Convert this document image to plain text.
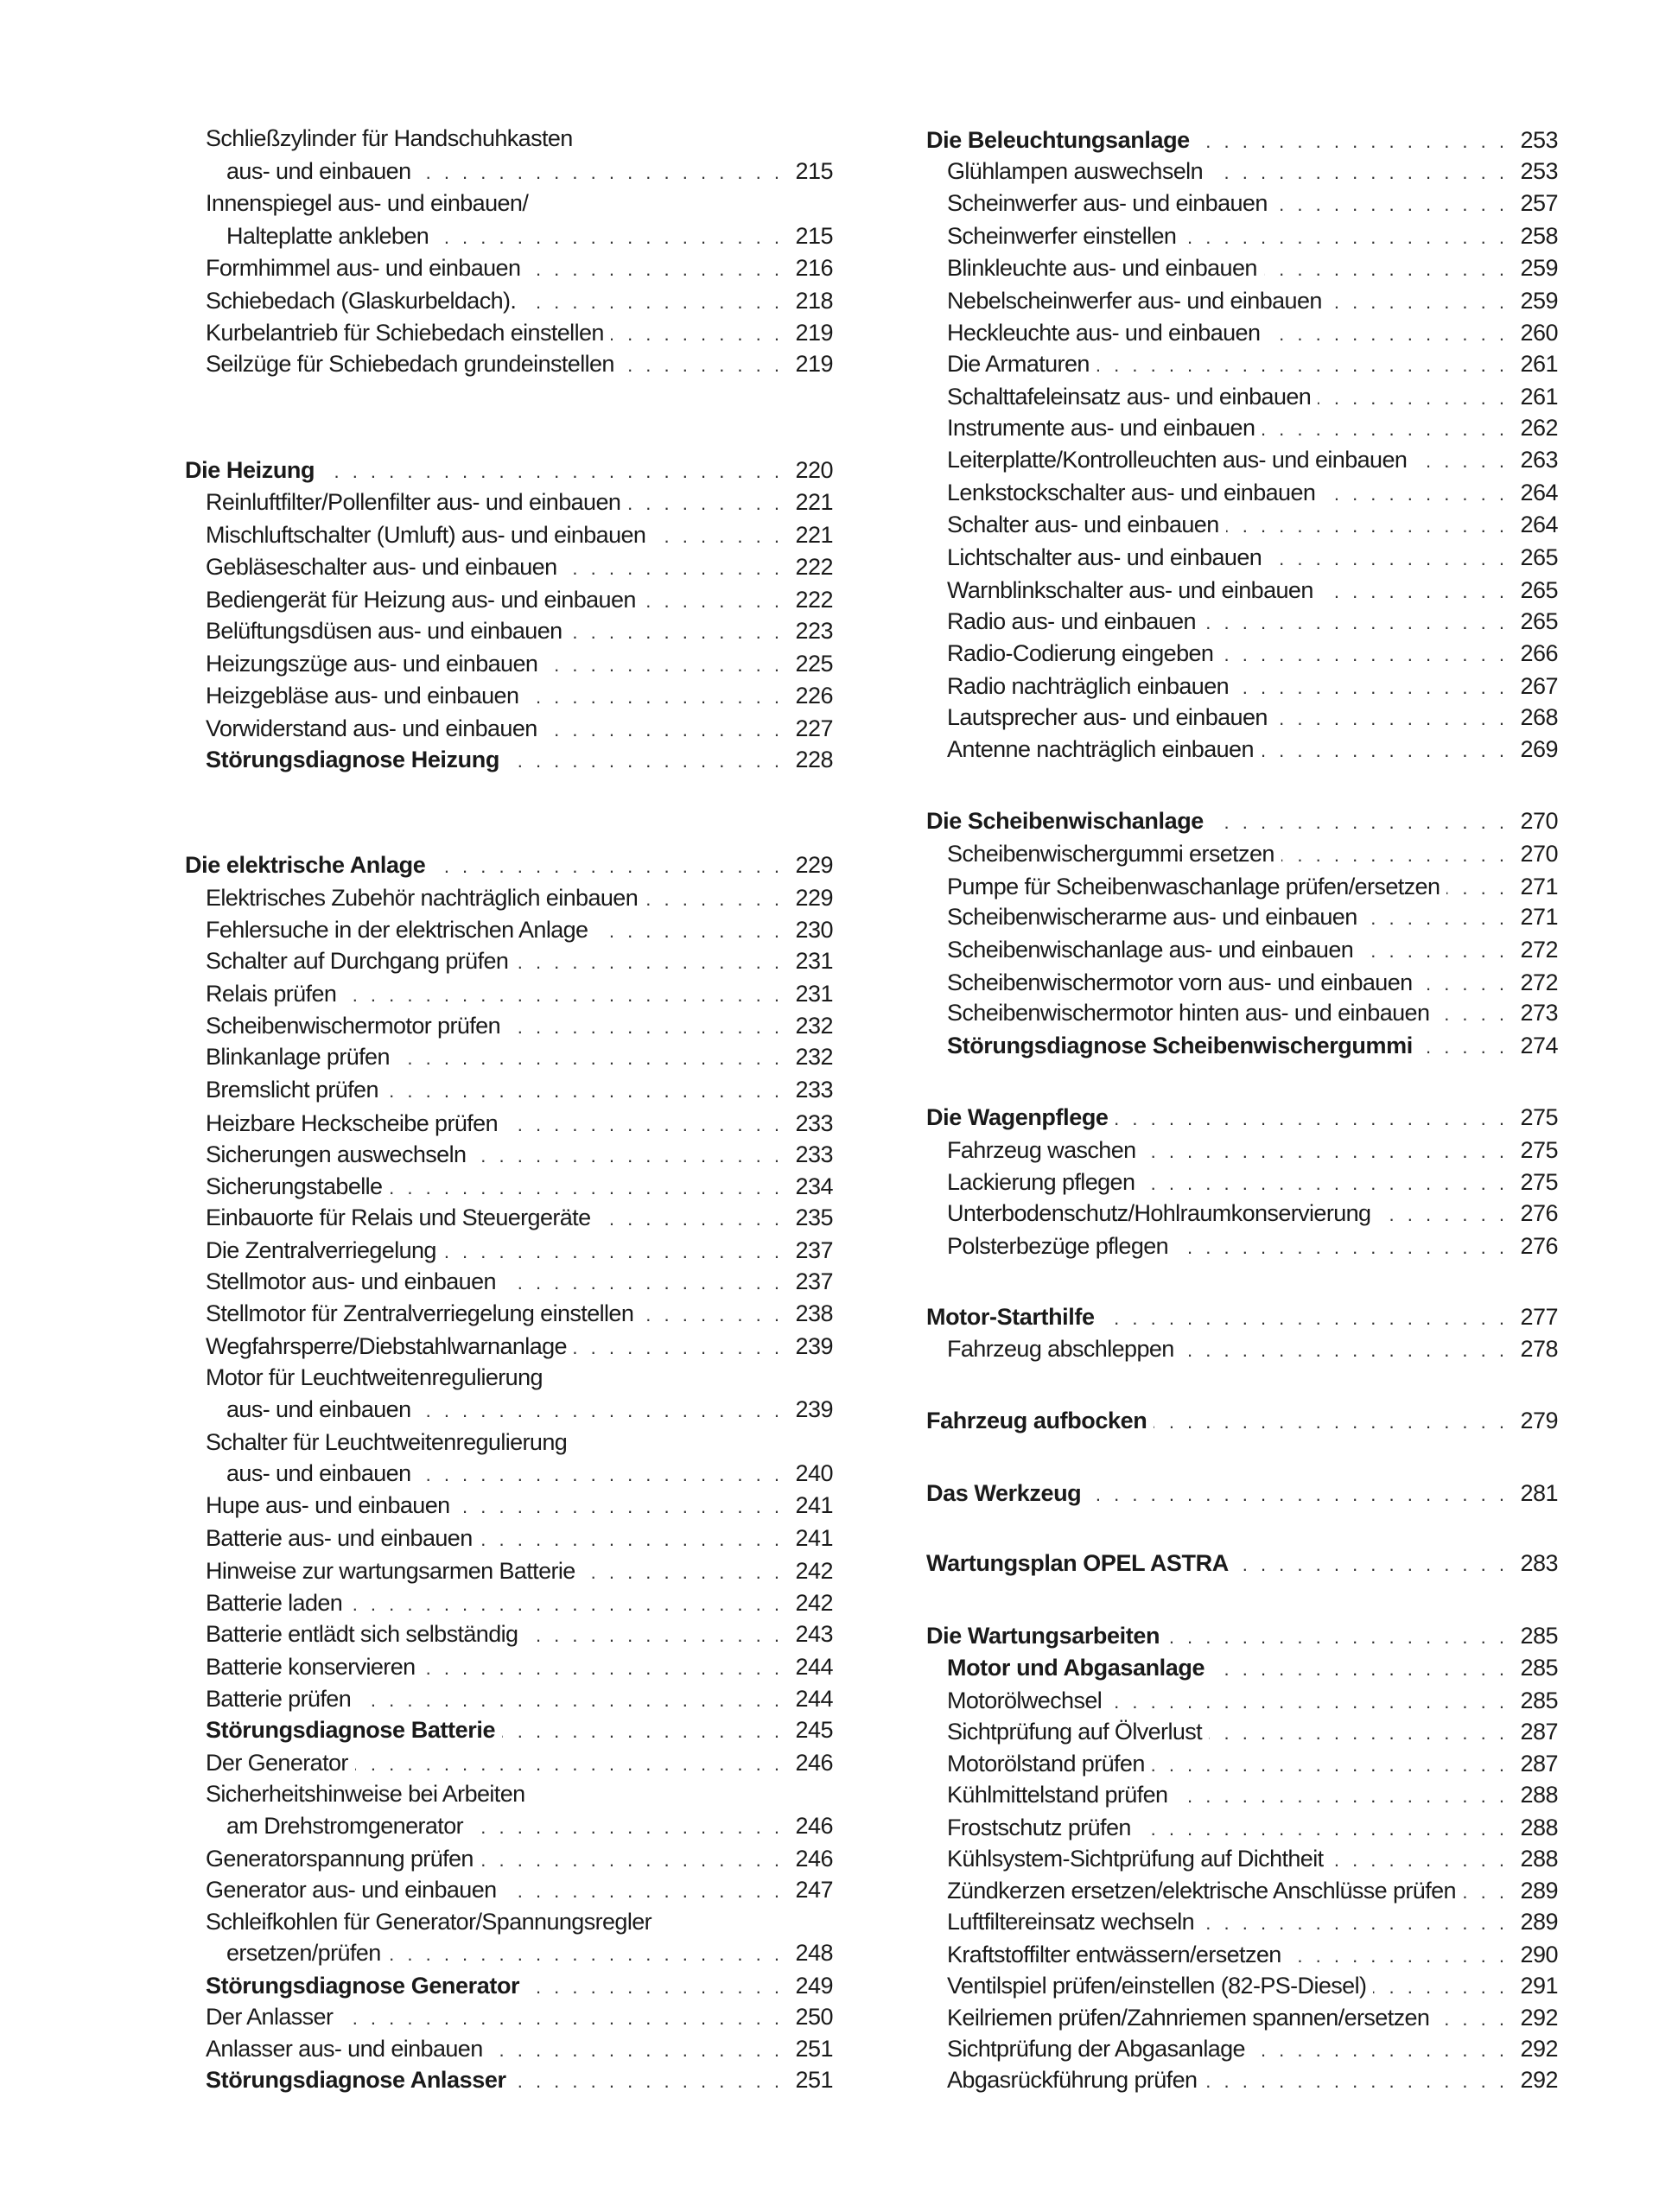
Schließzylinder für Handschuhkasten
aus- und einbauen . . .	215
Innenspiegel aus- und einbauen/
Halteplatte ankleben . . .	215
Formhimmel aus- und einbauen . . .	216
Schiebedach (Glaskurbeldach). . . .	218
Kurbelantrieb für Schiebedach einstellen . . .	219
Seilzüge für Schiebedach grundeinstellen . . .	219
Die Heizung . . .	220
Reinluftfilter/Pollenfilter aus- und einbauen . . .	221
Mischluftschalter (Umluft) aus- und einbauen . . .	221
Gebläseschalter aus- und einbauen . . .	222
Bediengerät für Heizung aus- und einbauen . . .	222
Belüftungsdüsen aus- und einbauen . . .	223
Heizungszüge aus- und einbauen . . .	225
Heizgebläse aus- und einbauen . . .	226
Vorwiderstand aus- und einbauen . . .	227
Störungsdiagnose Heizung . . .	228
Die elektrische Anlage . . .	229
Elektrisches Zubehör nachträglich einbauen . . .	229
Fehlersuche in der elektrischen Anlage . . .	230
Schalter auf Durchgang prüfen . . .	231
Relais prüfen . . .	231
Scheibenwischermotor prüfen . . .	232
Blinkanlage prüfen . . .	232
Bremslicht prüfen . . .	233
Heizbare Heckscheibe prüfen . . .	233
Sicherungen auswechseln . . .	233
Sicherungstabelle . . .	234
Einbauorte für Relais und Steuergeräte . . .	235
Die Zentralverriegelung . . .	237
Stellmotor aus- und einbauen . . .	237
Stellmotor für Zentralverriegelung einstellen . . .	238
Wegfahrsperre/Diebstahlwarnanlage . . .	239
Motor für Leuchtweitenregulierung
aus- und einbauen . . .	239
Schalter für Leuchtweitenregulierung
aus- und einbauen . . .	240
Hupe aus- und einbauen . . .	241
Batterie aus- und einbauen . . .	241
Hinweise zur wartungsarmen Batterie . . .	242
Batterie laden . . .	242
Batterie entlädt sich selbständig . . .	243
Batterie konservieren . . .	244
Batterie prüfen . . .	244
Störungsdiagnose Batterie . . .	245
Der Generator . . .	246
Sicherheitshinweise bei Arbeiten
am Drehstromgenerator . . .	246
Generatorspannung prüfen . . .	246
Generator aus- und einbauen . . .	247
Schleifkohlen für Generator/Spannungsregler
ersetzen/prüfen . . .	248
Störungsdiagnose Generator . . .	249
Der Anlasser . . .	250
Anlasser aus- und einbauen . . .	251
Störungsdiagnose Anlasser . . .	251
Die Beleuchtungsanlage . . .	253
Glühlampen auswechseln . . .	253
Scheinwerfer aus- und einbauen . . .	257
Scheinwerfer einstellen . . .	258
Blinkleuchte aus- und einbauen . . .	259
Nebelscheinwerfer aus- und einbauen . . .	259
Heckleuchte aus- und einbauen . . .	260
Die Armaturen . . .	261
Schalttafeleinsatz aus- und einbauen . . .	261
Instrumente aus- und einbauen . . .	262
Leiterplatte/Kontrolleuchten aus- und einbauen . . .	263
Lenkstockschalter aus- und einbauen . . .	264
Schalter aus- und einbauen . . .	264
Lichtschalter aus- und einbauen . . .	265
Warnblinkschalter aus- und einbauen . . .	265
Radio aus- und einbauen . . .	265
Radio-Codierung eingeben . . .	266
Radio nachträglich einbauen . . .	267
Lautsprecher aus- und einbauen . . .	268
Antenne nachträglich einbauen . . .	269
Die Scheibenwischanlage . . .	270
Scheibenwischergummi ersetzen . . .	270
Pumpe für Scheibenwaschanlage prüfen/ersetzen . . .	271
Scheibenwischerarme aus- und einbauen . . .	271
Scheibenwischanlage aus- und einbauen . . .	272
Scheibenwischermotor vorn aus- und einbauen . . .	272
Scheibenwischermotor hinten aus- und einbauen . . .	273
Störungsdiagnose Scheibenwischergummi . . .	274
Die Wagenpflege . . .	275
Fahrzeug waschen . . .	275
Lackierung pflegen . . .	275
Unterbodenschutz/Hohlraumkonservierung . . .	276
Polsterbezüge pflegen . . .	276
Motor-Starthilfe . . .	277
Fahrzeug abschleppen . . .	278
Fahrzeug aufbocken . . .	279
Das Werkzeug . . .	281
Wartungsplan OPEL ASTRA . . .	283
Die Wartungsarbeiten . . .	285
Motor und Abgasanlage . . .	285
Motorölwechsel . . .	285
Sichtprüfung auf Ölverlust . . .	287
Motorölstand prüfen . . .	287
Kühlmittelstand prüfen . . .	288
Frostschutz prüfen . . .	288
Kühlsystem-Sichtprüfung auf Dichtheit . . .	288
Zündkerzen ersetzen/elektrische Anschlüsse prüfen . . .	289
Luftfiltereinsatz wechseln . . .	289
Kraftstoffilter entwässern/ersetzen . . .	290
Ventilspiel prüfen/einstellen (82-PS-Diesel) . . .	291
Keilriemen prüfen/Zahnriemen spannen/ersetzen . . .	292
Sichtprüfung der Abgasanlage . . .	292
Abgasrückführung prüfen . . .	292
